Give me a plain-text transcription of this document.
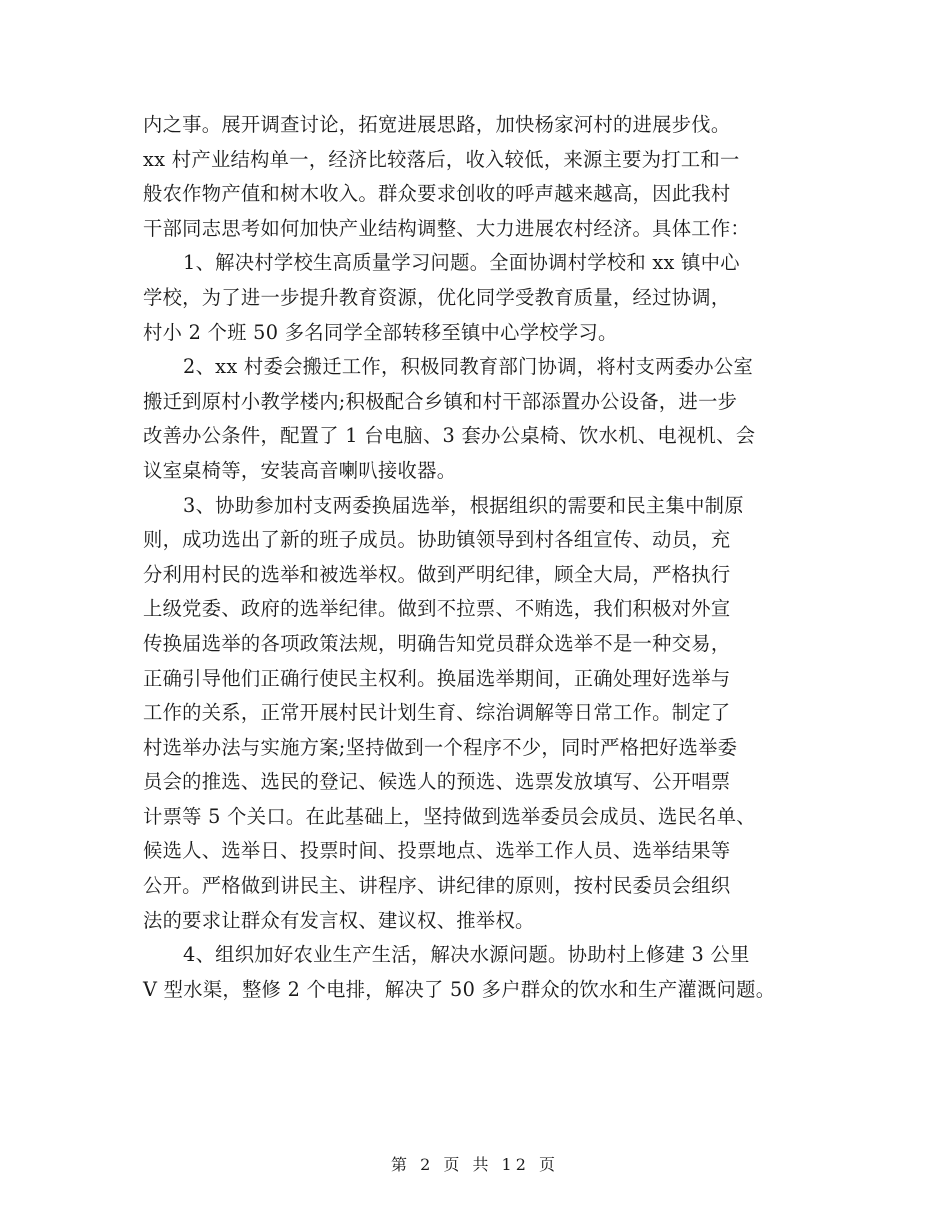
内之事。展开调查讨论，拓宽进展思路，加快杨家河村的进展步伐。
xx 村产业结构单一，经济比较落后，收入较低，来源主要为打工和一
般农作物产值和树木收入。群众要求创收的呼声越来越高，因此我村
干部同志思考如何加快产业结构调整、大力进展农村经济。具体工作：
1、解决村学校生高质量学习问题。全面协调村学校和 xx 镇中心
学校，为了进一步提升教育资源，优化同学受教育质量，经过协调，
村小 2 个班 50 多名同学全部转移至镇中心学校学习。
2、xx 村委会搬迁工作，积极同教育部门协调，将村支两委办公室
搬迁到原村小教学楼内;积极配合乡镇和村干部添置办公设备，进一步
改善办公条件，配置了 1 台电脑、3 套办公桌椅、饮水机、电视机、会
议室桌椅等，安装高音喇叭接收器。
3、协助参加村支两委换届选举，根据组织的需要和民主集中制原
则，成功选出了新的班子成员。协助镇领导到村各组宣传、动员，充
分利用村民的选举和被选举权。做到严明纪律，顾全大局，严格执行
上级党委、政府的选举纪律。做到不拉票、不贿选，我们积极对外宣
传换届选举的各项政策法规，明确告知党员群众选举不是一种交易，
正确引导他们正确行使民主权利。换届选举期间，正确处理好选举与
工作的关系，正常开展村民计划生育、综治调解等日常工作。制定了
村选举办法与实施方案;坚持做到一个程序不少，同时严格把好选举委
员会的推选、选民的登记、候选人的预选、选票发放填写、公开唱票
计票等 5 个关口。在此基础上，坚持做到选举委员会成员、选民名单、
候选人、选举日、投票时间、投票地点、选举工作人员、选举结果等
公开。严格做到讲民主、讲程序、讲纪律的原则，按村民委员会组织
法的要求让群众有发言权、建议权、推举权。
4、组织加好农业生产生活，解决水源问题。协助村上修建 3 公里
V 型水渠，整修 2 个电排，解决了 50 多户群众的饮水和生产灌溉问题。
第 2 页 共 12 页
